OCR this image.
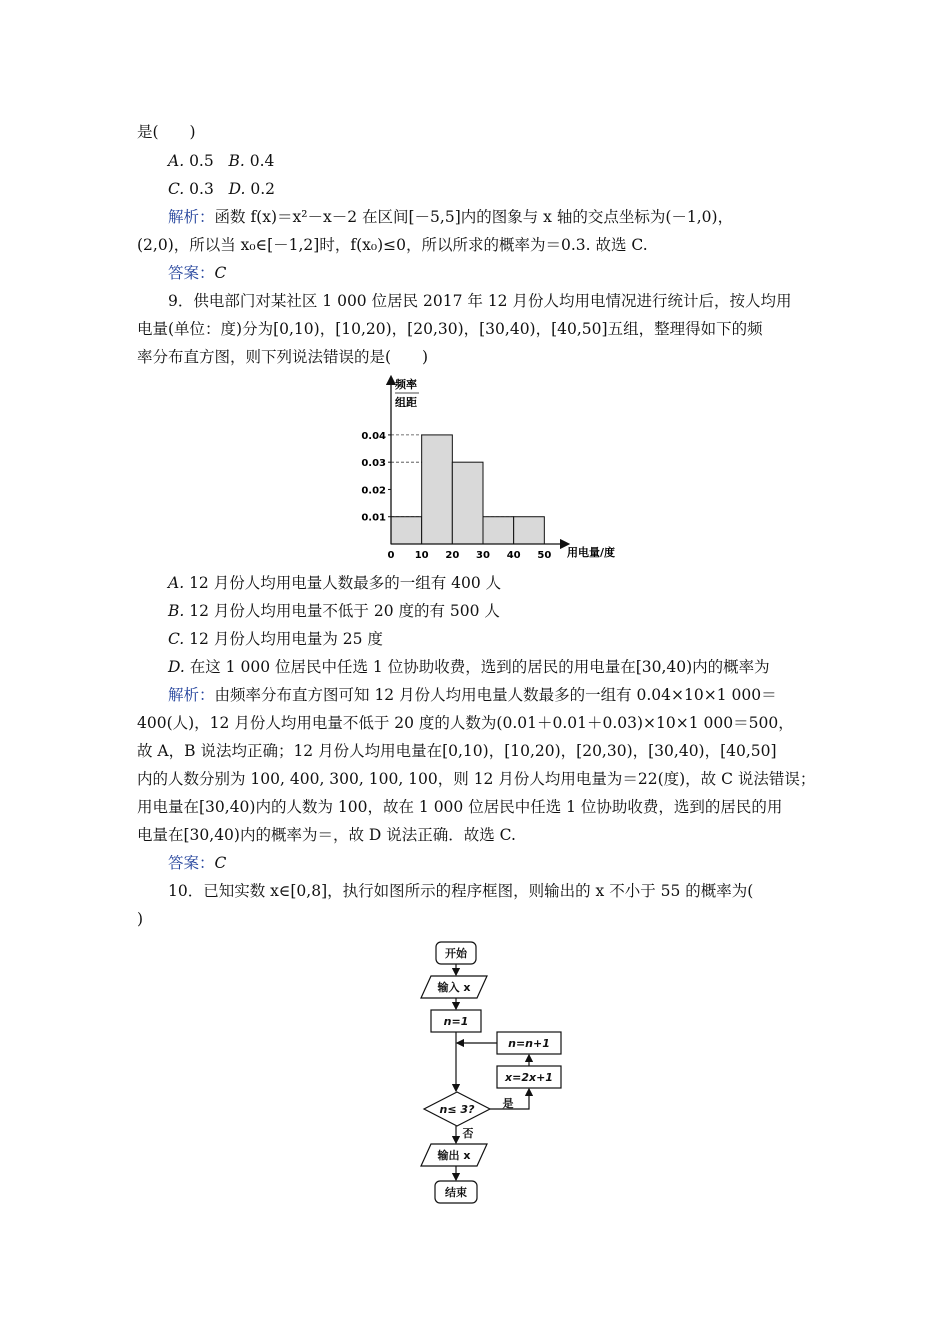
是(　　)
A. 0.5 B. 0.4
C. 0.3 D. 0.2
解析：函数 f(x)＝x²－x－2 在区间[－5,5]内的图象与 x 轴的交点坐标为(－1,0)，
(2,0)，所以当 x₀∈[－1,2]时，f(x₀)≤0，所以所求的概率为＝0.3. 故选 C.
答案：C
9．供电部门对某社区 1 000 位居民 2017 年 12 月份人均用电情况进行统计后，按人均用
电量(单位：度)分为[0,10)，[10,20)，[20,30)，[30,40)，[40,50]五组，整理得如下的频
率分布直方图，则下列说法错误的是(　　)
频率
组距
用电量/度
0.01
0.02
0.03
0.04
0 10 20 30 40 50
A. 12 月份人均用电量人数最多的一组有 400 人
B. 12 月份人均用电量不低于 20 度的有 500 人
C. 12 月份人均用电量为 25 度
D. 在这 1 000 位居民中任选 1 位协助收费，选到的居民的用电量在[30,40)内的概率为
解析：由频率分布直方图可知 12 月份人均用电量人数最多的一组有 0.04×10×1 000＝
400(人)，12 月份人均用电量不低于 20 度的人数为(0.01＋0.01＋0.03)×10×1 000＝500，
故 A，B 说法均正确；12 月份人均用电量在[0,10)，[10,20)，[20,30)，[30,40)，[40,50]
内的人数分别为 100, 400, 300, 100, 100，则 12 月份人均用电量为＝22(度)，故 C 说法错误；
用电量在[30,40)内的人数为 100，故在 1 000 位居民中任选 1 位协助收费，选到的居民的用
电量在[30,40)内的概率为＝，故 D 说法正确．故选 C.
答案：C
10．已知实数 x∈[0,8]，执行如图所示的程序框图，则输出的 x 不小于 55 的概率为(
)
开始
输入 x
n=1
n=n+1
x=2x+1
n≤ 3?	是
否
输出 x
结束
